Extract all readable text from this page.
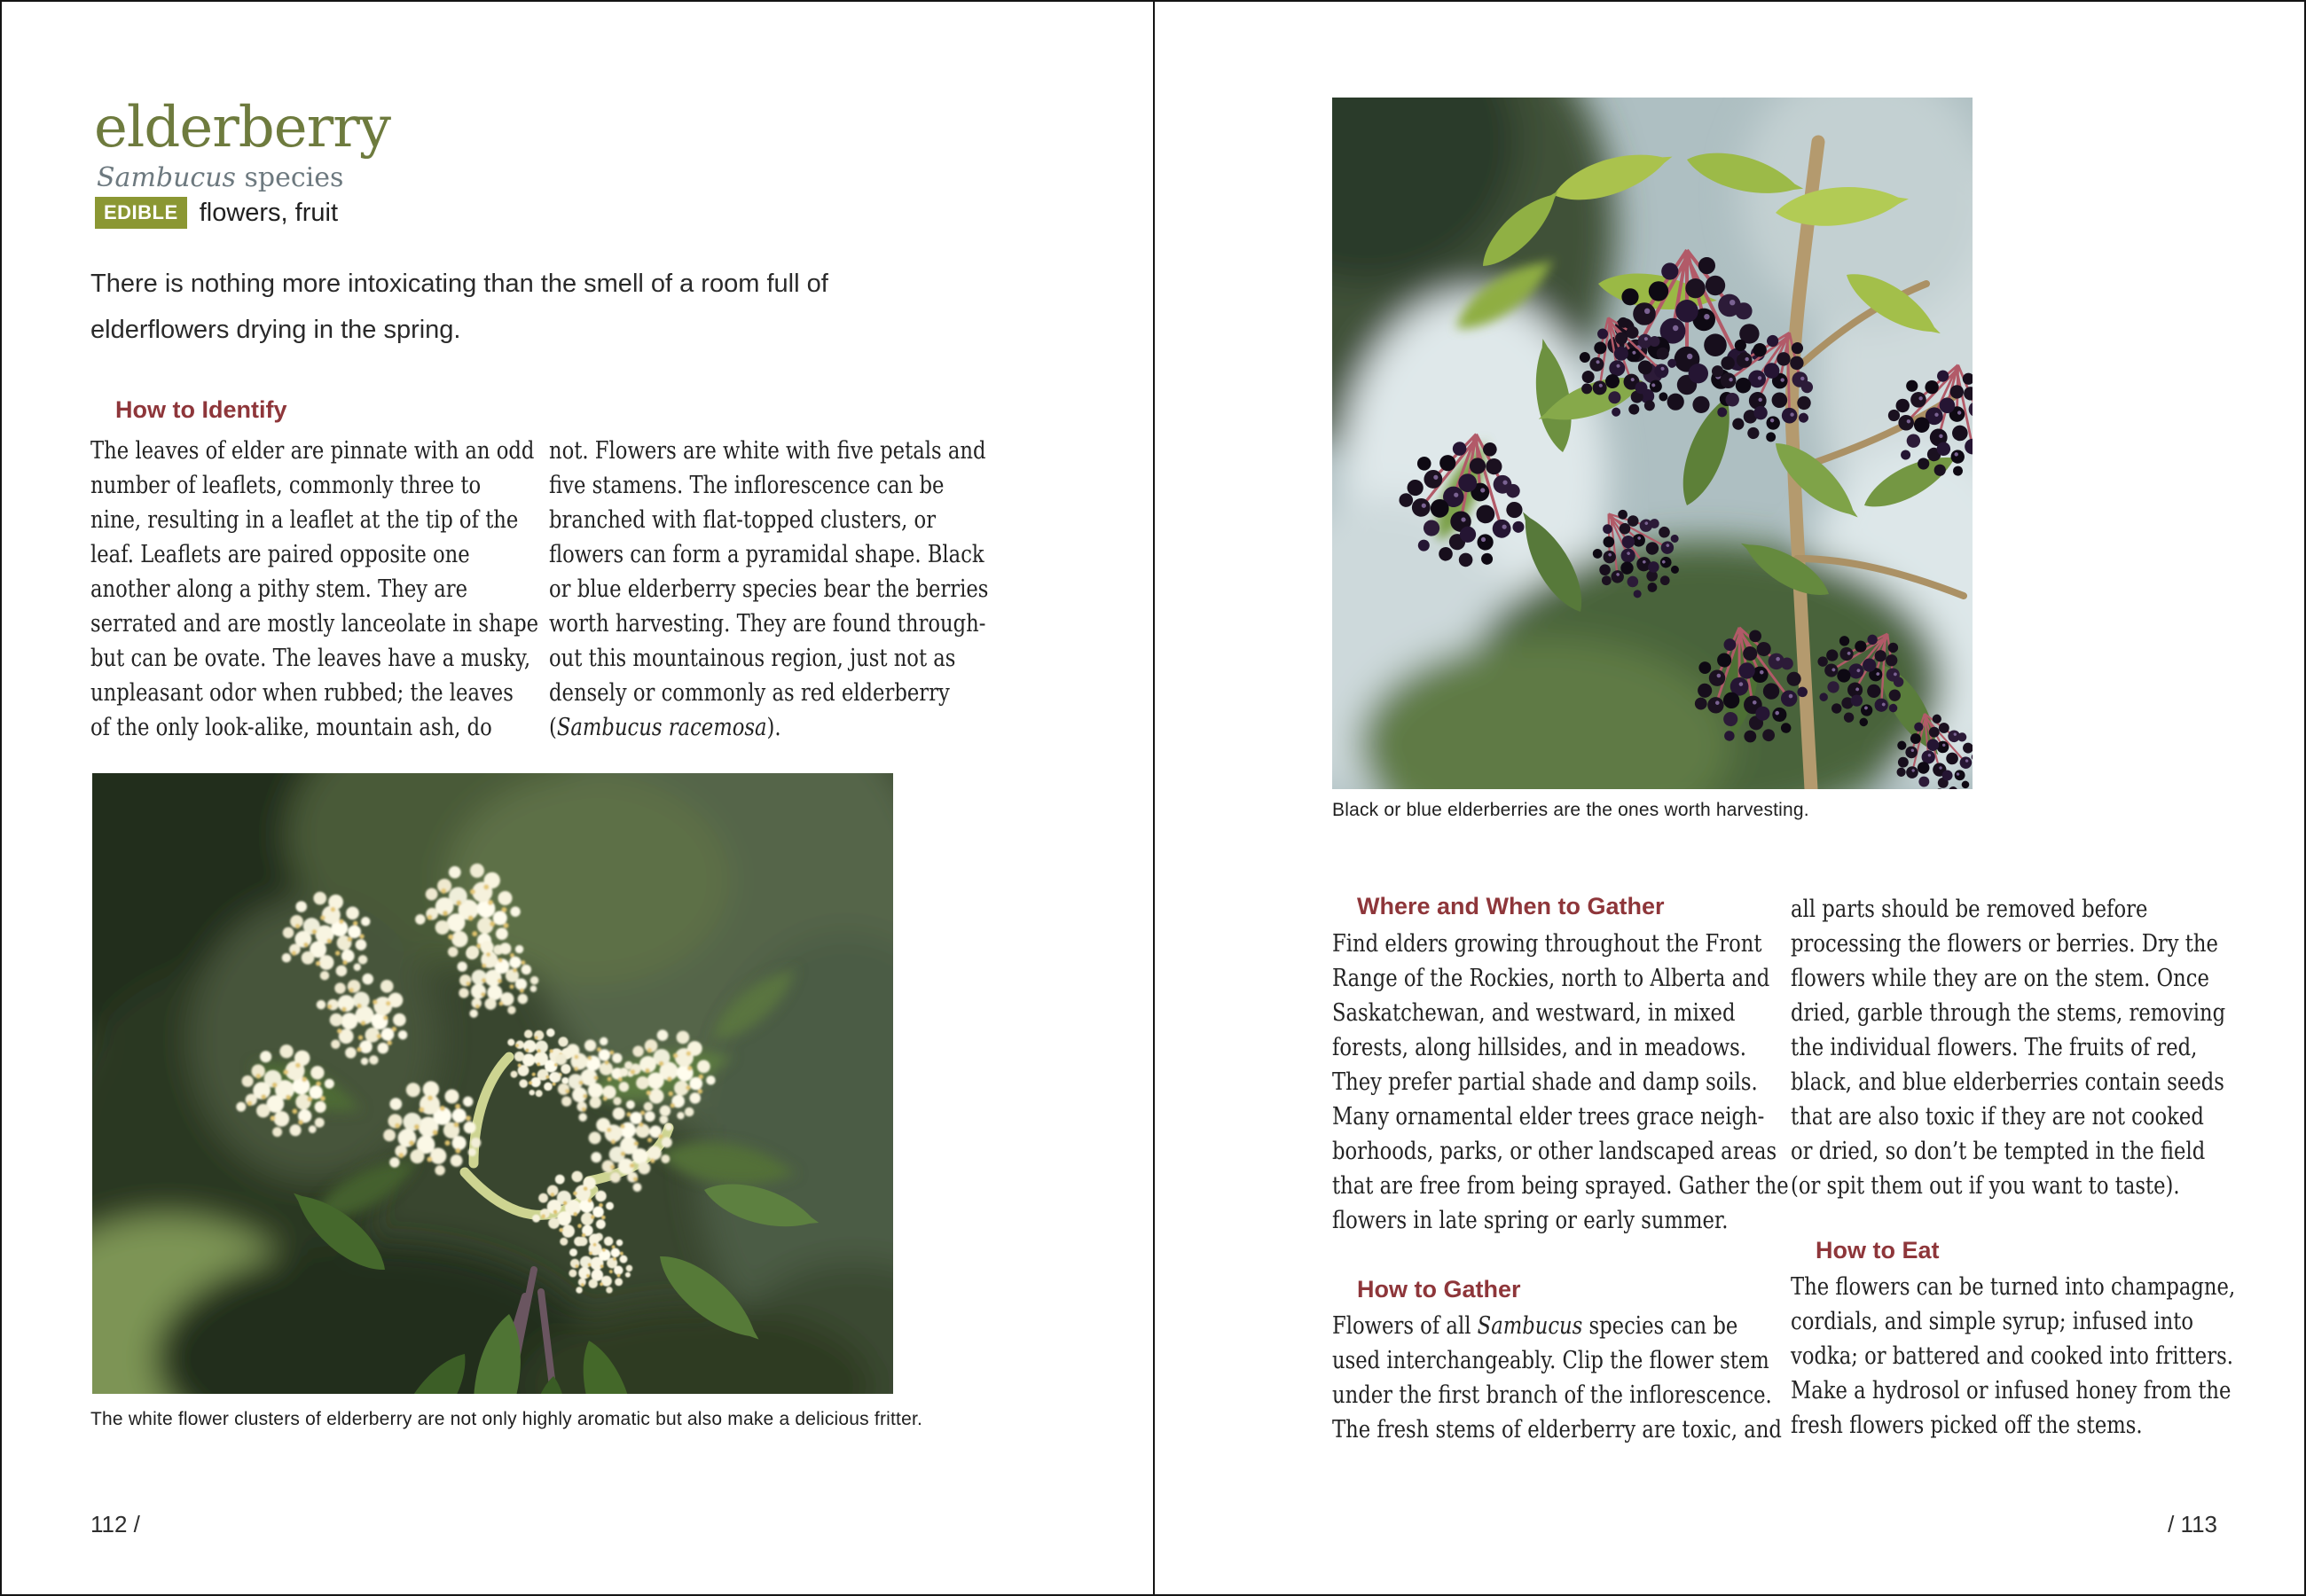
elderberry
Sambucus species
EDIBLE flowers, fruit
There is nothing more intoxicating than the smell of a room full of
elderflowers drying in the spring.
How to Identify
The leaves of elder are pinnate with an odd
number of leaflets, commonly three to
nine, resulting in a leaflet at the tip of the
leaf. Leaflets are paired opposite one
another along a pithy stem. They are
serrated and are mostly lanceolate in shape
but can be ovate. The leaves have a musky,
unpleasant odor when rubbed; the leaves
of the only look-alike, mountain ash, do
not. Flowers are white with five petals and
five stamens. The inflorescence can be
branched with flat-topped clusters, or
flowers can form a pyramidal shape. Black
or blue elderberry species bear the berries
worth harvesting. They are found through-
out this mountainous region, just not as
densely or commonly as red elderberry
(Sambucus racemosa).
The white flower clusters of elderberry are not only highly aromatic but also make a delicious fritter.
112 /
Black or blue elderberries are the ones worth harvesting.
Where and When to Gather
Find elders growing throughout the Front
Range of the Rockies, north to Alberta and
Saskatchewan, and westward, in mixed
forests, along hillsides, and in meadows.
They prefer partial shade and damp soils.
Many ornamental elder trees grace neigh-
borhoods, parks, or other landscaped areas
that are free from being sprayed. Gather the
flowers in late spring or early summer.
all parts should be removed before
processing the flowers or berries. Dry the
flowers while they are on the stem. Once
dried, garble through the stems, removing
the individual flowers. The fruits of red,
black, and blue elderberries contain seeds
that are also toxic if they are not cooked
or dried, so don’t be tempted in the field
(or spit them out if you want to taste).
How to Gather
Flowers of all Sambucus species can be
used interchangeably. Clip the flower stem
under the first branch of the inflorescence.
The fresh stems of elderberry are toxic, and
How to Eat
The flowers can be turned into champagne,
cordials, and simple syrup; infused into
vodka; or battered and cooked into fritters.
Make a hydrosol or infused honey from the
fresh flowers picked off the stems.
/ 113
